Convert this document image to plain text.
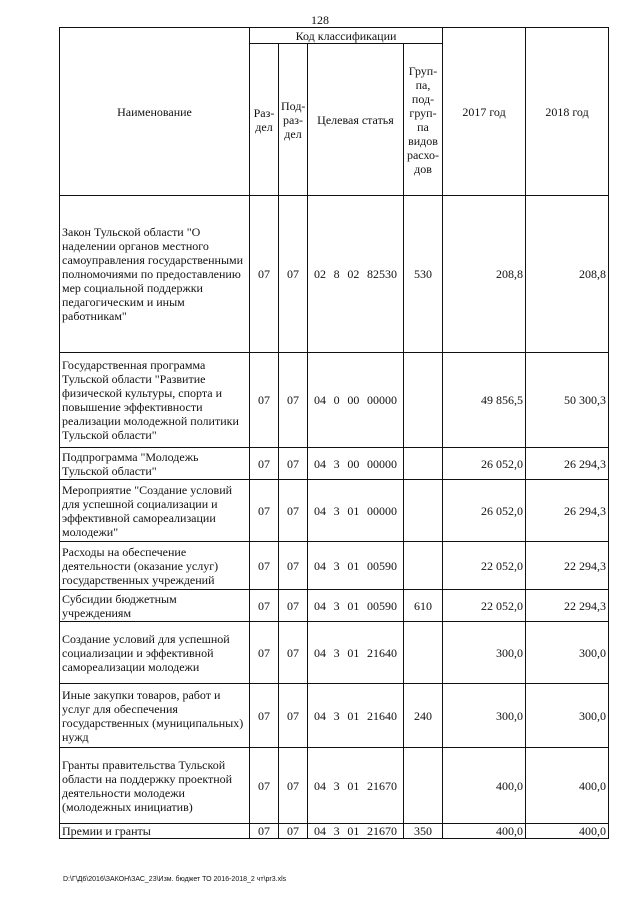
128
Наименование	Код классификации				2017 год	2018 год
	Раз- дел	Под- раз- дел	Целевая статья	Груп- па, под- груп- па видов расхо- дов		
Закон Тульской области "О наделении органов местного самоуправления государственными полномочиями по предоставлению мер социальной поддержки педагогическим и иным работникам"	07	07	02 8 02 82530	530	208,8	208,8
Государственная программа Тульской области "Развитие физической культуры, спорта и повышение эффективности реализации молодежной политики Тульской области"	07	07	04 0 00 00000		49 856,5	50 300,3
Подпрограмма "Молодежь Тульской области"	07	07	04 3 00 00000		26 052,0	26 294,3
Мероприятие "Создание условий для успешной социализации и эффективной самореализации молодежи"	07	07	04 3 01 00000		26 052,0	26 294,3
Расходы на обеспечение деятельности (оказание услуг) государственных учреждений	07	07	04 3 01 00590		22 052,0	22 294,3
Субсидии бюджетным учреждениям	07	07	04 3 01 00590	610	22 052,0	22 294,3
Создание условий для успешной социализации и эффективной самореализации молодежи	07	07	04 3 01 21640		300,0	300,0
Иные закупки товаров, работ и услуг для обеспечения государственных (муниципальных) нужд	07	07	04 3 01 21640	240	300,0	300,0
Гранты правительства Тульской области на поддержку проектной деятельности молодежи (молодежных инициатив)	07	07	04 3 01 21670		400,0	400,0
Премии и гранты	07	07	04 3 01 21670	350	400,0	400,0
D:\Г\Д6\2016\ЗАКОН\ЗАС_23\Изм. бюджет ТО 2016-2018_2 чт\pr3.xls
